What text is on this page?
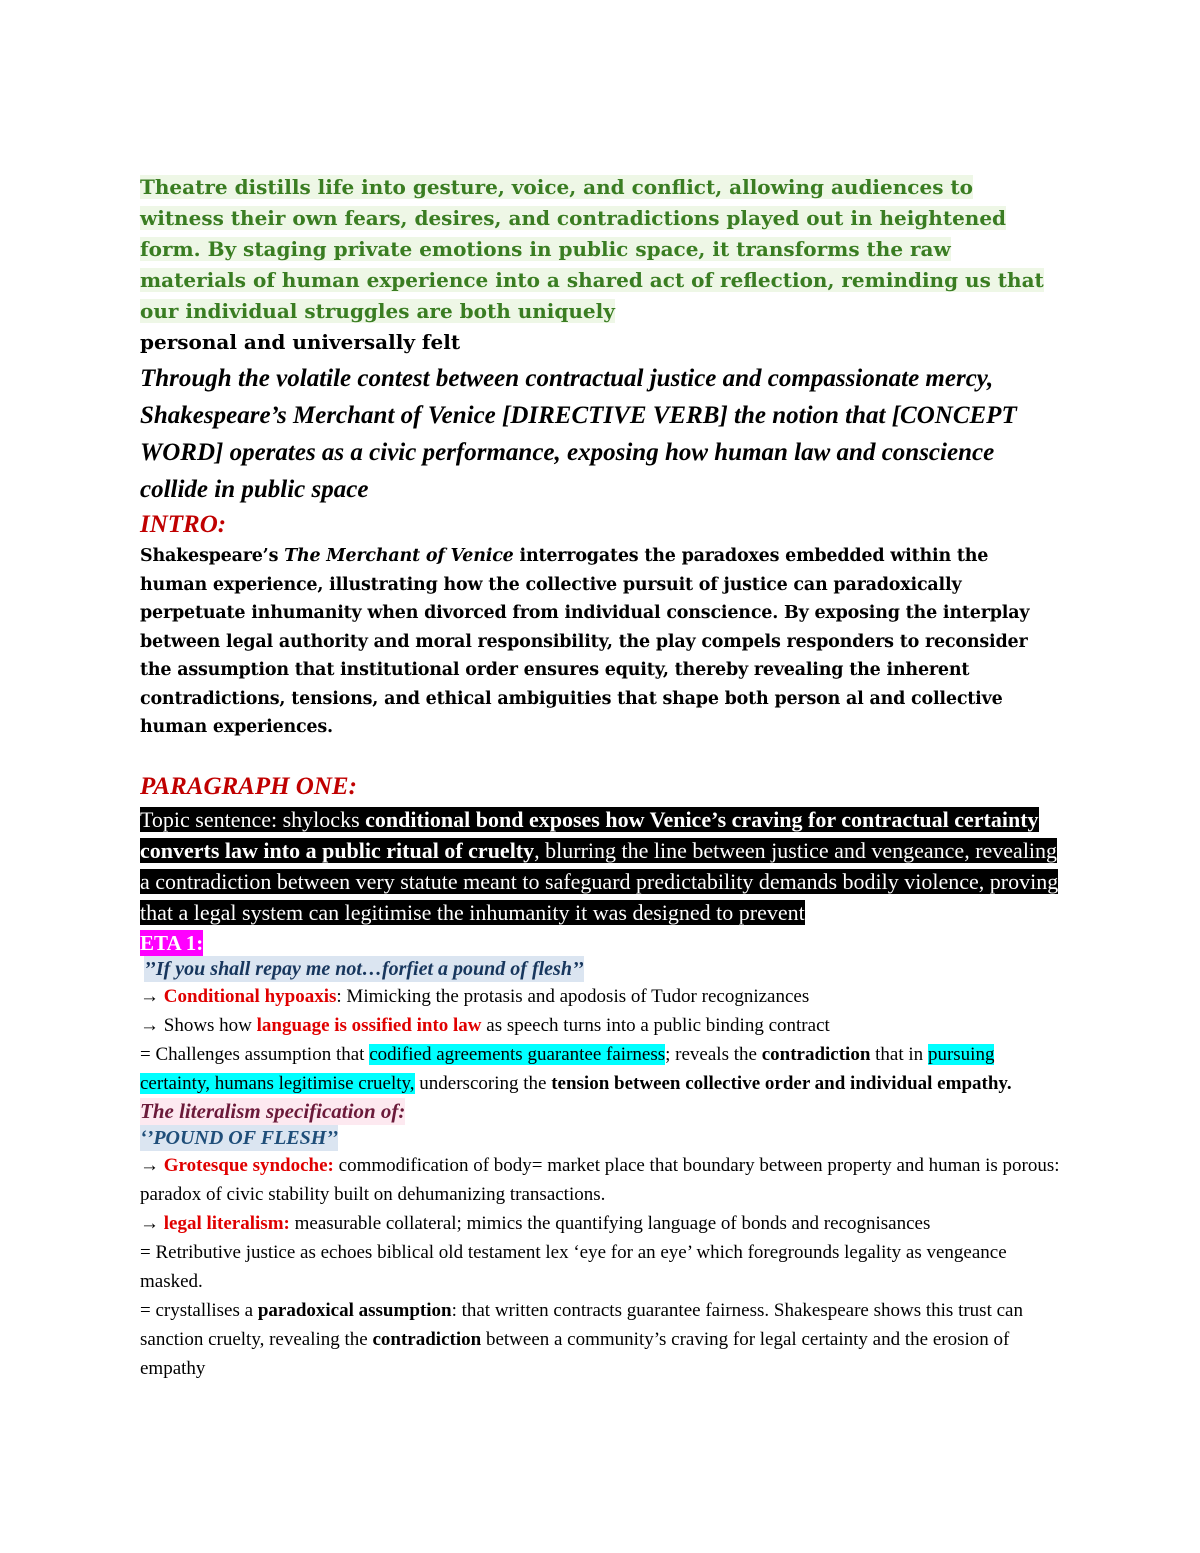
Theatre distills life into gesture, voice, and conflict, allowing audiences to witness their own fears, desires, and contradictions played out in heightened form. By staging private emotions in public space, it transforms the raw materials of human experience into a shared act of reflection, reminding us that our individual struggles are both uniquely
personal and universally felt
Through the volatile contest between contractual justice and compassionate mercy, Shakespeare’s Merchant of Venice [DIRECTIVE VERB] the notion that [CONCEPT WORD] operates as a civic performance, exposing how human law and conscience collide in public space
INTRO:
Shakespeare’s The Merchant of Venice interrogates the paradoxes embedded within the human experience, illustrating how the collective pursuit of justice can paradoxically perpetuate inhumanity when divorced from individual conscience. By exposing the interplay between legal authority and moral responsibility, the play compels responders to reconsider the assumption that institutional order ensures equity, thereby revealing the inherent contradictions, tensions, and ethical ambiguities that shape both person al and collective human experiences.
PARAGRAPH ONE:
Topic sentence: shylocks conditional bond exposes how Venice’s craving for contractual certainty converts law into a public ritual of cruelty, blurring the line between justice and vengeance, revealing a contradiction between very statute meant to safeguard predictability demands bodily violence, proving that a legal system can legitimise the inhumanity it was designed to prevent
ETA 1:
’’If you shall repay me not…forfiet a pound of flesh’’
→ Conditional hypoaxis: Mimicking the protasis and apodosis of Tudor recognizances
→ Shows how language is ossified into law as speech turns into a public binding contract
= Challenges assumption that codified agreements guarantee fairness; reveals the contradiction that in pursuing certainty, humans legitimise cruelty, underscoring the tension between collective order and individual empathy.
The literalism specification of:
‘’POUND OF FLESH’’
→ Grotesque syndoche: commodification of body= market place that boundary between property and human is porous: paradox of civic stability built on dehumanizing transactions.
→ legal literalism: measurable collateral; mimics the quantifying language of bonds and recognisances
= Retributive justice as echoes biblical old testament lex ‘eye for an eye’ which foregrounds legality as vengeance masked.
= crystallises a paradoxical assumption: that written contracts guarantee fairness. Shakespeare shows this trust can sanction cruelty, revealing the contradiction between a community’s craving for legal certainty and the erosion of empathy
